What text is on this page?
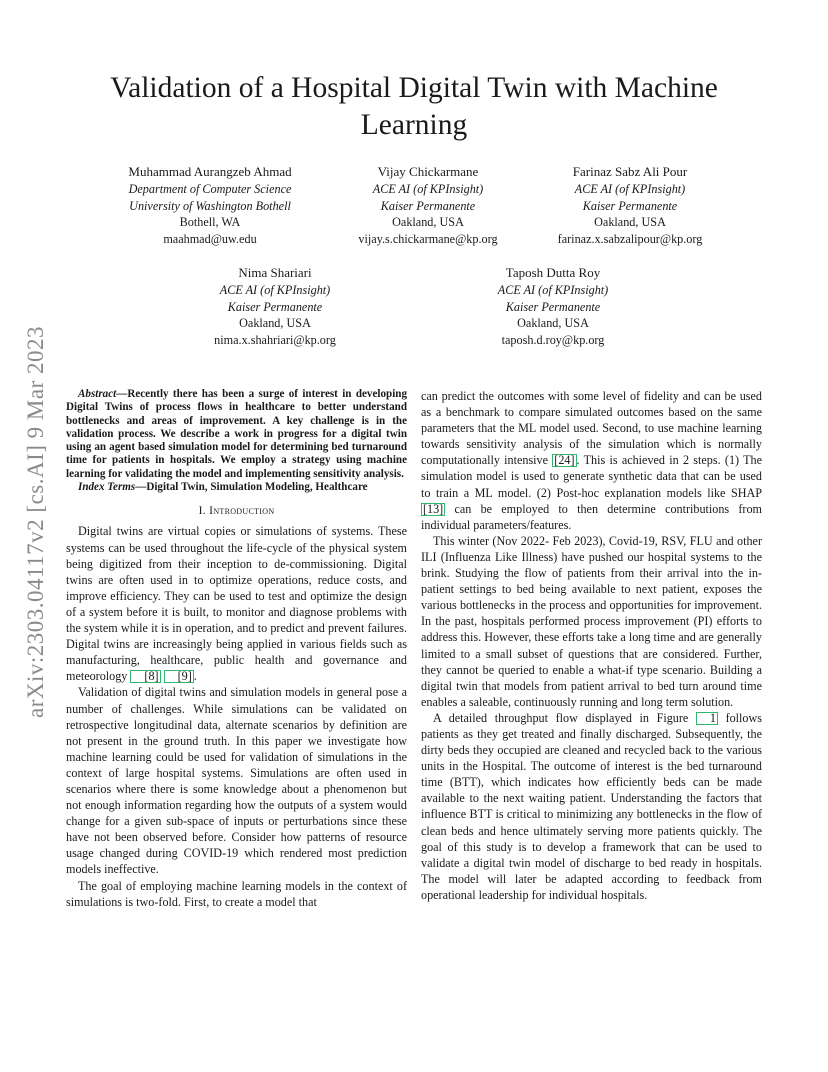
arXiv:2303.04117v2 [cs.AI] 9 Mar 2023
Validation of a Hospital Digital Twin with Machine Learning
Muhammad Aurangzeb Ahmad
Department of Computer Science
University of Washington Bothell
Bothell, WA
maahmad@uw.edu
Vijay Chickarmane
ACE AI (of KPInsight)
Kaiser Permanente
Oakland, USA
vijay.s.chickarmane@kp.org
Farinaz Sabz Ali Pour
ACE AI (of KPInsight)
Kaiser Permanente
Oakland, USA
farinaz.x.sabzalipour@kp.org
Nima Shariari
ACE AI (of KPInsight)
Kaiser Permanente
Oakland, USA
nima.x.shahriari@kp.org
Taposh Dutta Roy
ACE AI (of KPInsight)
Kaiser Permanente
Oakland, USA
taposh.d.roy@kp.org

Abstract—Recently there has been a surge of interest in developing Digital Twins of process flows in healthcare to better understand bottlenecks and areas of improvement. A key challenge is in the validation process. We describe a work in progress for a digital twin using an agent based simulation model for determining bed turnaround time for patients in hospitals. We employ a strategy using machine learning for validating the model and implementing sensitivity analysis.

Index Terms—Digital Twin, Simulation Modeling, Healthcare

I. Introduction

Digital twins are virtual copies or simulations of systems. These systems can be used throughout the life-cycle of the physical system being digitized from their inception to de-commissioning. Digital twins are often used in to optimize operations, reduce costs, and improve efficiency. They can be used to test and optimize the design of a system before it is built, to monitor and diagnose problems with the system while it is in operation, and to predict and prevent failures. Digital twins are increasingly being applied in various fields such as manufacturing, healthcare, public health and governance and meteorology [8] [9] .

Validation of digital twins and simulation models in general pose a number of challenges. While simulations can be validated on retrospective longitudinal data, alternate scenarios by definition are not present in the ground truth. In this paper we investigate how machine learning could be used for validation of simulations in the context of large hospital systems. Simulations are often used in scenarios where there is some knowledge about a phenomenon but not enough information regarding how the outputs of a system would change for a given sub-space of inputs or perturbations since these have not been observed before. Consider how patterns of resource usage changed during COVID-19 which rendered most prediction models ineffective.

The goal of employing machine learning models in the context of simulations is two-fold. First, to create a model that

can predict the outcomes with some level of fidelity and can be used as a benchmark to compare simulated outcomes based on the same parameters that the ML model used. Second, to use machine learning towards sensitivity analysis of the simulation which is normally computationally intensive [24] . This is achieved in 2 steps. (1) The simulation model is used to generate synthetic data that can be used to train a ML model. (2) Post-hoc explanation models like SHAP [13] can be employed to then determine contributions from individual parameters/features.

This winter (Nov 2022- Feb 2023), Covid-19, RSV, FLU and other ILI (Influenza Like Illness) have pushed our hospital systems to the brink. Studying the flow of patients from their arrival into the in-patient settings to bed being available to next patient, exposes the various bottlenecks in the process and opportunities for improvement. In the past, hospitals performed process improvement (PI) efforts to address this. However, these efforts take a long time and are generally limited to a small subset of questions that are considered. Further, they cannot be queried to enable a what-if type scenario. Building a digital twin that models from patient arrival to bed turn around time enables a saleable, continuously running and long term solution.

A detailed throughput flow displayed in Figure 1 follows patients as they get treated and finally discharged. Subsequently, the dirty beds they occupied are cleaned and recycled back to the various units in the Hospital. The outcome of interest is the bed turnaround time (BTT), which indicates how efficiently beds can be made available to the next waiting patient. Understanding the factors that influence BTT is critical to minimizing any bottlenecks in the flow of clean beds and hence ultimately serving more patients quickly. The goal of this study is to develop a framework that can be used to validate a digital twin model of discharge to bed ready in hospitals. The model will later be adapted according to feedback from operational leadership for individual hospitals.
